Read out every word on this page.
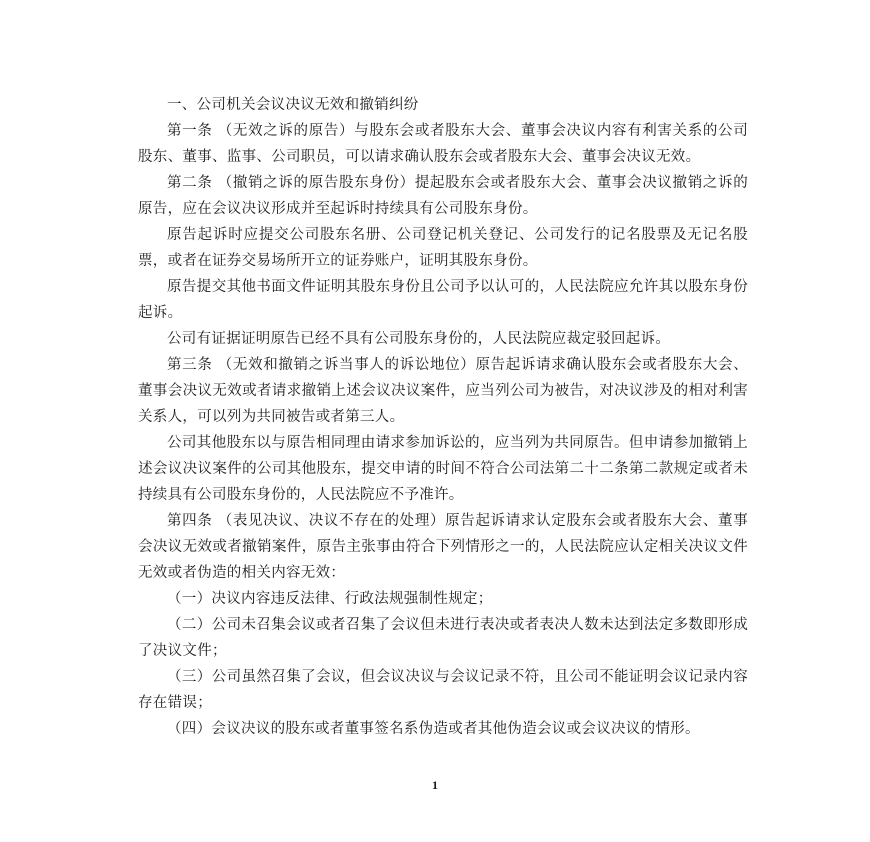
一、公司机关会议决议无效和撤销纠纷

第一条 （无效之诉的原告）与股东会或者股东大会、董事会决议内容有利害关系的公司股东、董事、监事、公司职员，可以请求确认股东会或者股东大会、董事会决议无效。

第二条 （撤销之诉的原告股东身份）提起股东会或者股东大会、董事会决议撤销之诉的原告，应在会议决议形成并至起诉时持续具有公司股东身份。

原告起诉时应提交公司股东名册、公司登记机关登记、公司发行的记名股票及无记名股票，或者在证券交易场所开立的证券账户，证明其股东身份。

原告提交其他书面文件证明其股东身份且公司予以认可的，人民法院应允许其以股东身份起诉。

公司有证据证明原告已经不具有公司股东身份的，人民法院应裁定驳回起诉。

第三条 （无效和撤销之诉当事人的诉讼地位）原告起诉请求确认股东会或者股东大会、董事会决议无效或者请求撤销上述会议决议案件，应当列公司为被告，对决议涉及的相对利害关系人，可以列为共同被告或者第三人。

公司其他股东以与原告相同理由请求参加诉讼的，应当列为共同原告。但申请参加撤销上述会议决议案件的公司其他股东，提交申请的时间不符合公司法第二十二条第二款规定或者未持续具有公司股东身份的，人民法院应不予准许。

第四条 （表见决议、决议不存在的处理）原告起诉请求认定股东会或者股东大会、董事会决议无效或者撤销案件，原告主张事由符合下列情形之一的，人民法院应认定相关决议文件无效或者伪造的相关内容无效：

（一）决议内容违反法律、行政法规强制性规定；

（二）公司未召集会议或者召集了会议但未进行表决或者表决人数未达到法定多数即形成了决议文件；

（三）公司虽然召集了会议，但会议决议与会议记录不符，且公司不能证明会议记录内容存在错误；

（四）会议决议的股东或者董事签名系伪造或者其他伪造会议或会议决议的情形。

1
